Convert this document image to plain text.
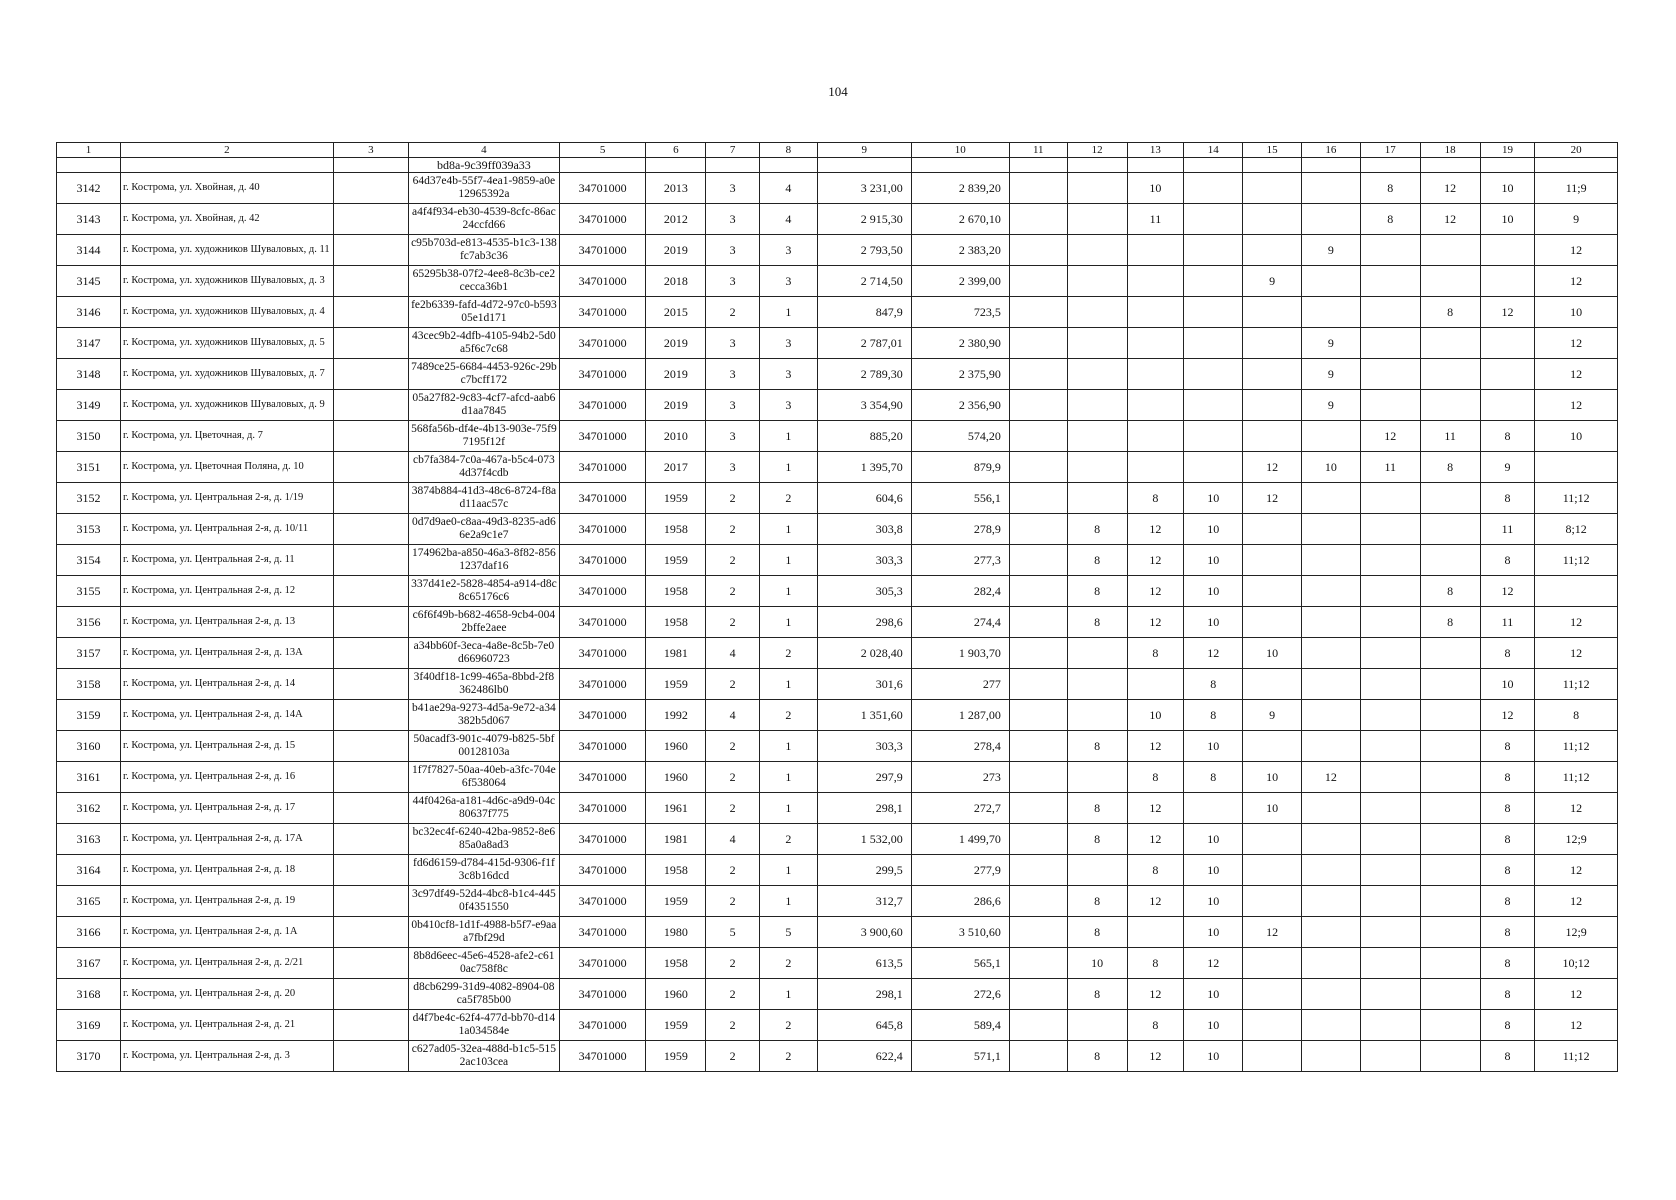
104
1	2	3	4	5	6	7	8	9	10	11	12	13	14	15	16	17	18	19	20
			bd8a-9c39ff039a33																
3142	г. Кострома, ул. Хвойная, д. 40		64d37e4b-55f7-4ea1-9859-a0e12965392a	34701000	2013	3	4	3 231,00	2 839,20			10				8	12	10	11;9
3143	г. Кострома, ул. Хвойная, д. 42		a4f4f934-eb30-4539-8cfc-86ac24ccfd66	34701000	2012	3	4	2 915,30	2 670,10			11				8	12	10	9
3144	г. Кострома, ул. художников Шуваловых, д. 11		c95b703d-e813-4535-b1c3-138fc7ab3c36	34701000	2019	3	3	2 793,50	2 383,20						9				12
3145	г. Кострома, ул. художников Шуваловых, д. 3		65295b38-07f2-4ee8-8c3b-ce2cecca36b1	34701000	2018	3	3	2 714,50	2 399,00					9					12
3146	г. Кострома, ул. художников Шуваловых, д. 4		fe2b6339-fafd-4d72-97c0-b59305e1d171	34701000	2015	2	1	847,9	723,5								8	12	10
3147	г. Кострома, ул. художников Шуваловых, д. 5		43cec9b2-4dfb-4105-94b2-5d0a5f6c7c68	34701000	2019	3	3	2 787,01	2 380,90						9				12
3148	г. Кострома, ул. художников Шуваловых, д. 7		7489ce25-6684-4453-926c-29bc7bcff172	34701000	2019	3	3	2 789,30	2 375,90						9				12
3149	г. Кострома, ул. художников Шуваловых, д. 9		05a27f82-9c83-4cf7-afcd-aab6d1aa7845	34701000	2019	3	3	3 354,90	2 356,90						9				12
3150	г. Кострома, ул. Цветочная, д. 7		568fa56b-df4e-4b13-903e-75f97195f12f	34701000	2010	3	1	885,20	574,20							12	11	8	10
3151	г. Кострома, ул. Цветочная Поляна, д. 10		cb7fa384-7c0a-467a-b5c4-0734d37f4cdb	34701000	2017	3	1	1 395,70	879,9					12	10	11	8	9	
3152	г. Кострома, ул. Центральная 2-я, д. 1/19		3874b884-41d3-48c6-8724-f8ad11aac57c	34701000	1959	2	2	604,6	556,1			8	10	12				8	11;12
3153	г. Кострома, ул. Центральная 2-я, д. 10/11		0d7d9ae0-c8aa-49d3-8235-ad66e2a9c1e7	34701000	1958	2	1	303,8	278,9		8	12	10					11	8;12
3154	г. Кострома, ул. Центральная 2-я, д. 11		174962ba-a850-46a3-8f82-8561237daf16	34701000	1959	2	1	303,3	277,3		8	12	10					8	11;12
3155	г. Кострома, ул. Центральная 2-я, д. 12		337d41e2-5828-4854-a914-d8c8c65176c6	34701000	1958	2	1	305,3	282,4		8	12	10				8	12	
3156	г. Кострома, ул. Центральная 2-я, д. 13		c6f6f49b-b682-4658-9cb4-0042bffe2aee	34701000	1958	2	1	298,6	274,4		8	12	10				8	11	12
3157	г. Кострома, ул. Центральная 2-я, д. 13А		a34bb60f-3eca-4a8e-8c5b-7e0d66960723	34701000	1981	4	2	2 028,40	1 903,70			8	12	10				8	12
3158	г. Кострома, ул. Центральная 2-я, д. 14		3f40df18-1c99-465a-8bbd-2f8362486lb0	34701000	1959	2	1	301,6	277				8					10	11;12
3159	г. Кострома, ул. Центральная 2-я, д. 14А		b41ae29a-9273-4d5a-9e72-a34382b5d067	34701000	1992	4	2	1 351,60	1 287,00			10	8	9				12	8
3160	г. Кострома, ул. Центральная 2-я, д. 15		50acadf3-901c-4079-b825-5bf00128103a	34701000	1960	2	1	303,3	278,4		8	12	10					8	11;12
3161	г. Кострома, ул. Центральная 2-я, д. 16		1f7f7827-50aa-40eb-a3fc-704e6f538064	34701000	1960	2	1	297,9	273			8	8	10	12			8	11;12
3162	г. Кострома, ул. Центральная 2-я, д. 17		44f0426a-a181-4d6c-a9d9-04c80637f775	34701000	1961	2	1	298,1	272,7		8	12		10				8	12
3163	г. Кострома, ул. Центральная 2-я, д. 17А		bc32ec4f-6240-42ba-9852-8e685a0a8ad3	34701000	1981	4	2	1 532,00	1 499,70		8	12	10					8	12;9
3164	г. Кострома, ул. Центральная 2-я, д. 18		fd6d6159-d784-415d-9306-f1f3c8b16dcd	34701000	1958	2	1	299,5	277,9			8	10					8	12
3165	г. Кострома, ул. Центральная 2-я, д. 19		3c97df49-52d4-4bc8-b1c4-4450f4351550	34701000	1959	2	1	312,7	286,6		8	12	10					8	12
3166	г. Кострома, ул. Центральная 2-я, д. 1А		0b410cf8-1d1f-4988-b5f7-e9aaa7fbf29d	34701000	1980	5	5	3 900,60	3 510,60		8		10	12				8	12;9
3167	г. Кострома, ул. Центральная 2-я, д. 2/21		8b8d6eec-45e6-4528-afe2-c610ac758f8c	34701000	1958	2	2	613,5	565,1		10	8	12					8	10;12
3168	г. Кострома, ул. Центральная 2-я, д. 20		d8cb6299-31d9-4082-8904-08ca5f785b00	34701000	1960	2	1	298,1	272,6		8	12	10					8	12
3169	г. Кострома, ул. Центральная 2-я, д. 21		d4f7be4c-62f4-477d-bb70-d141a034584e	34701000	1959	2	2	645,8	589,4			8	10					8	12
3170	г. Кострома, ул. Центральная 2-я, д. 3		c627ad05-32ea-488d-b1c5-5152ac103cea	34701000	1959	2	2	622,4	571,1		8	12	10					8	11;12
